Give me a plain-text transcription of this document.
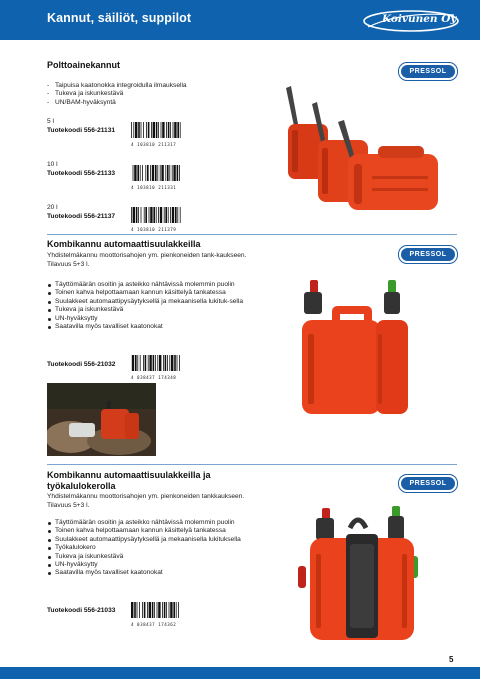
Kannut, säiliöt, suppilot	Koivunen Oy
Polttoainekannut
PRESSOL
- Taipuisa kaatonokka integroidulla ilmauksella
- Tukeva ja iskunkestävä
- UN/BAM-hyväksyntä
5 l
Tuotekoodi 556-21131
4 103810 211317
10 l
Tuotekoodi 556-21133
4 103810 211331
20 l
Tuotekoodi 556-21137
4 103810 211379
Kombikannu automaattisuulakkeilla
PRESSOL
Yhdistelmäkannu moottorisahojen ym. pienkoneiden tank-kaukseen. Tilavuus 5+3 l.
Täyttömäärän osoitin ja asteikko nähtävissä molemmin puolin
Toinen kahva helpottaamaan kannun käsittelyä tankatessa
Suulakkeet automaattipysäytyksellä ja mekaanisella lukituk-sella
Tukeva ja iskunkestävä
UN-hyväksytty
Saatavilla myös tavalliset kaatonokat
Tuotekoodi 556-21032
4 038437 174348
Kombikannu automaattisuulakkeilla ja
työkalulokerolla	PRESSOL
Yhdistelmäkannu moottorisahojen ym. pienkoneiden tankkaukseen. Tilavuus 5+3 l.
Täyttömäärän osoitin ja asteikko nähtävissä molemmin puolin
Toinen kahva helpottaamaan kannun käsittelyä tankatessa
Suulakkeet automaattipysäytyksellä ja mekaanisella lukituksella
Työkalulokero
Tukeva ja iskunkestävä
UN-hyväksytty
Saatavilla myös tavalliset kaatonokat
Tuotekoodi 556-21033
4 038437 174362
5
